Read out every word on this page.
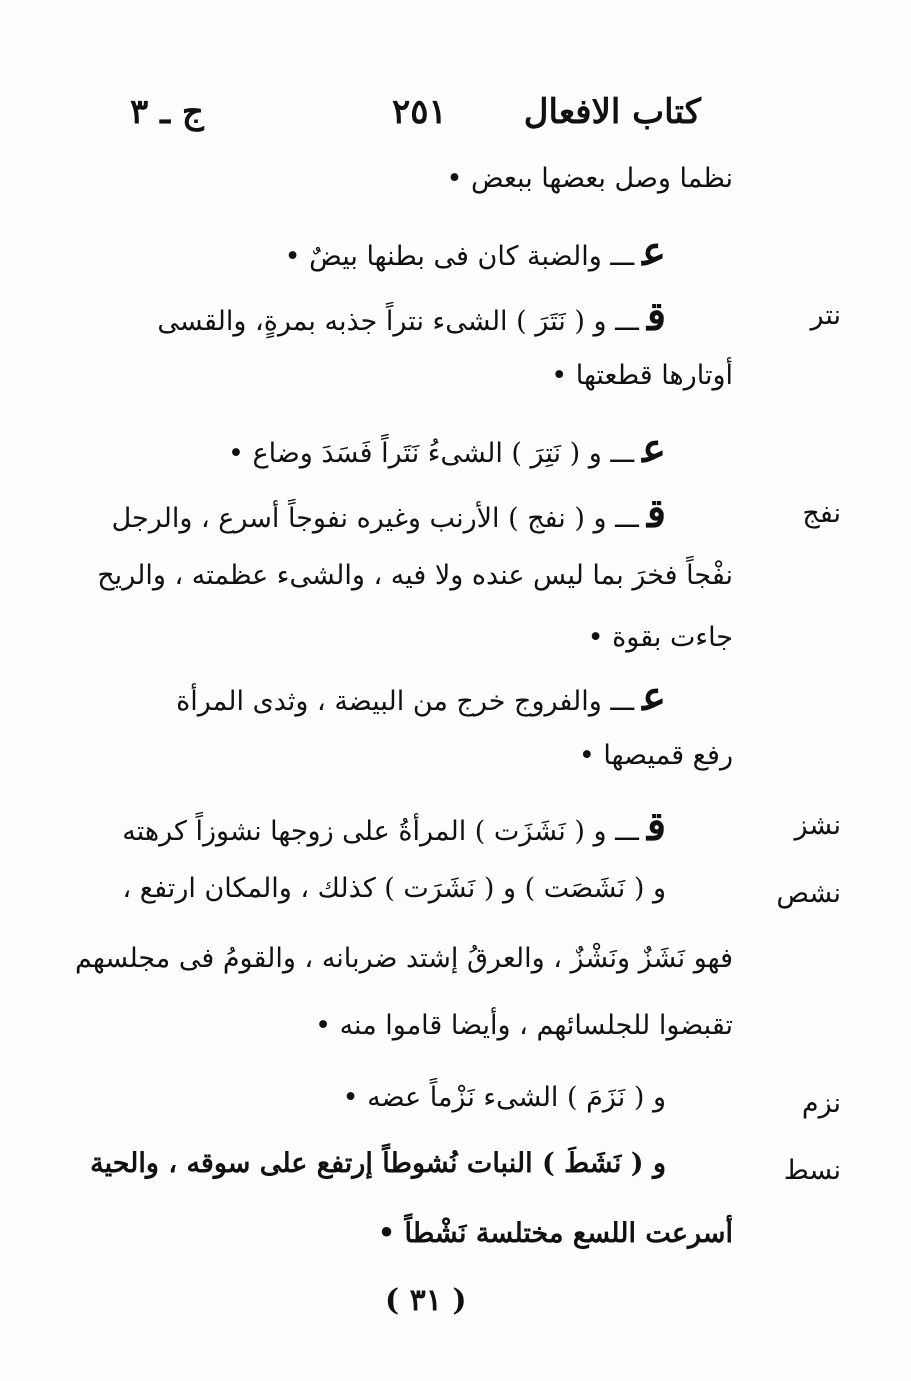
كتاب الافعال
٢٥١
ج ـ ٣
نظما وصل بعضها ببعض •
عـــ والضبة كان فى بطنها بيضٌ •
نتر
قـــ و ( نَتَرَ ) الشىء نتراً جذبه بمرةٍ، والقسى
أوتارها قطعتها •
عـــ و ( نَتِرَ ) الشىءُ نَتَراً فَسَدَ وضاع •
نفج
قـــ و ( نفج ) الأرنب وغيره نفوجاً أسرع ، والرجل
نفْجاً فخرَ بما ليس عنده ولا فيه ، والشىء عظمته ، والريح
جاءت بقوة •
عـــ والفروج خرج من البيضة ، وثدى المرأة
رفع قميصها •
نشز
قـــ و ( نَشَزَت ) المرأةُ على زوجها نشوزاً كرهته
نشص
و ( نَشَصَت ) و ( نَشَرَت ) كذلك ، والمكان ارتفع ،
فهو نَشَزٌ ونَشْزٌ ، والعرقُ إشتد ضربانه ، والقومُ فى مجلسهم
تقبضوا للجلسائهم ، وأيضا قاموا منه •
نزم
و ( نَزَمَ ) الشىء نَزْماً عضه •
نسط
و ( نَشَطَ ) النبات نُشوطاً إرتفع على سوقه ، والحية
أسرعت اللسع مختلسة نَشْطاً •
( ٣١ )
